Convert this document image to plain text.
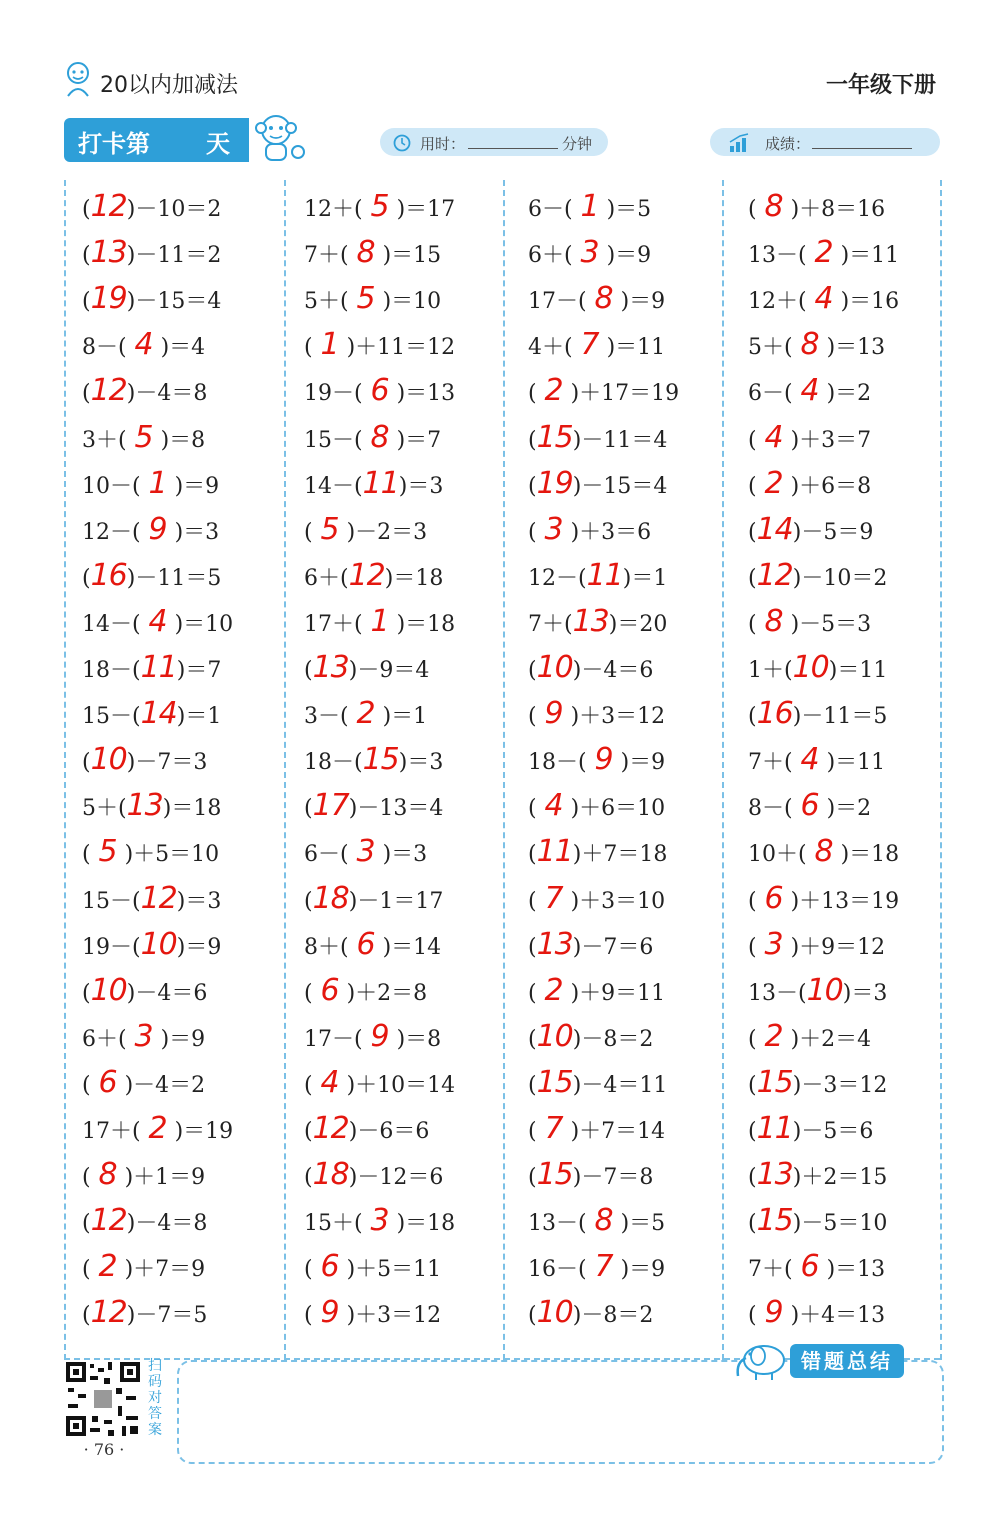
20以内加减法	一年级下册
打卡第 天	用时：	分钟	成绩：
(12)－10＝2
(13)－11＝2
(19)－15＝4
8－( 4 )＝4
(12)－4＝8
3＋( 5 )＝8
10－( 1 )＝9
12－( 9 )＝3
(16)－11＝5
14－( 4 )＝10
18－(11)＝7
15－(14)＝1
(10)－7＝3
5＋(13)＝18
( 5 )＋5＝10
15－(12)＝3
19－(10)＝9
(10)－4＝6
6＋( 3 )＝9
( 6 )－4＝2
17＋( 2 )＝19
( 8 )＋1＝9
(12)－4＝8
( 2 )＋7＝9
(12)－7＝5
12＋( 5 )＝17
7＋( 8 )＝15
5＋( 5 )＝10
( 1 )＋11＝12
19－( 6 )＝13
15－( 8 )＝7
14－(11)＝3
( 5 )－2＝3
6＋(12)＝18
17＋( 1 )＝18
(13)－9＝4
3－( 2 )＝1
18－(15)＝3
(17)－13＝4
6－( 3 )＝3
(18)－1＝17
8＋( 6 )＝14
( 6 )＋2＝8
17－( 9 )＝8
( 4 )＋10＝14
(12)－6＝6
(18)－12＝6
15＋( 3 )＝18
( 6 )＋5＝11
( 9 )＋3＝12
6－( 1 )＝5
6＋( 3 )＝9
17－( 8 )＝9
4＋( 7 )＝11
( 2 )＋17＝19
(15)－11＝4
(19)－15＝4
( 3 )＋3＝6
12－(11)＝1
7＋(13)＝20
(10)－4＝6
( 9 )＋3＝12
18－( 9 )＝9
( 4 )＋6＝10
(11)＋7＝18
( 7 )＋3＝10
(13)－7＝6
( 2 )＋9＝11
(10)－8＝2
(15)－4＝11
( 7 )＋7＝14
(15)－7＝8
13－( 8 )＝5
16－( 7 )＝9
(10)－8＝2
( 8 )＋8＝16
13－( 2 )＝11
12＋( 4 )＝16
5＋( 8 )＝13
6－( 4 )＝2
( 4 )＋3＝7
( 2 )＋6＝8
(14)－5＝9
(12)－10＝2
( 8 )－5＝3
1＋(10)＝11
(16)－11＝5
7＋( 4 )＝11
8－( 6 )＝2
10＋( 8 )＝18
( 6 )＋13＝19
( 3 )＋9＝12
13－(10)＝3
( 2 )＋2＝4
(15)－3＝12
(11)－5＝6
(13)＋2＝15
(15)－5＝10
7＋( 6 )＝13
( 9 )＋4＝13
扫码对答案
· 76 ·
错题总结
